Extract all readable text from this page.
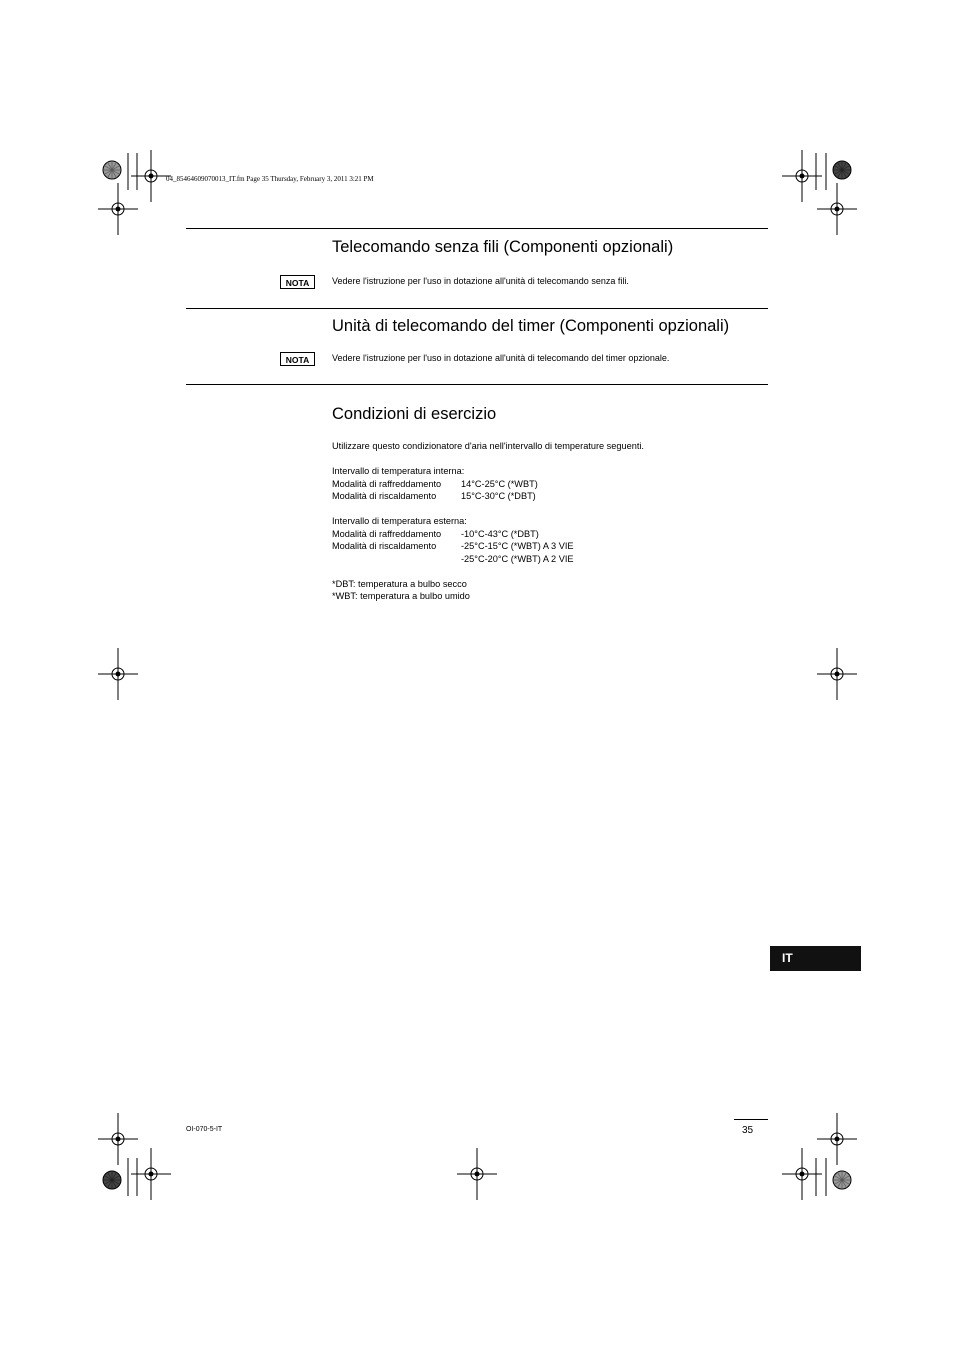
04_85464609070013_IT.fm Page 35 Thursday, February 3, 2011 3:21 PM
Telecomando senza fili (Componenti opzionali)
NOTA	Vedere l'istruzione per l'uso in dotazione all'unità di telecomando senza fili.
Unità di telecomando del timer (Componenti opzionali)
NOTA	Vedere l'istruzione per l'uso in dotazione all'unità di telecomando del timer opzionale.
Condizioni di esercizio
Utilizzare questo condizionatore d'aria nell'intervallo di temperature seguenti.
Intervallo di temperatura interna:
Modalità di raffreddamento 14°C-25°C (*WBT)
Modalità di riscaldamento	15°C-30°C (*DBT)
Intervallo di temperatura esterna:
Modalità di raffreddamento -10°C-43°C (*DBT)
Modalità di riscaldamento	-25°C-15°C (*WBT) A 3 VIE
-25°C-20°C (*WBT) A 2 VIE
*DBT: temperatura a bulbo secco
*WBT: temperatura a bulbo umido
IT
OI-070-5-IT	35
